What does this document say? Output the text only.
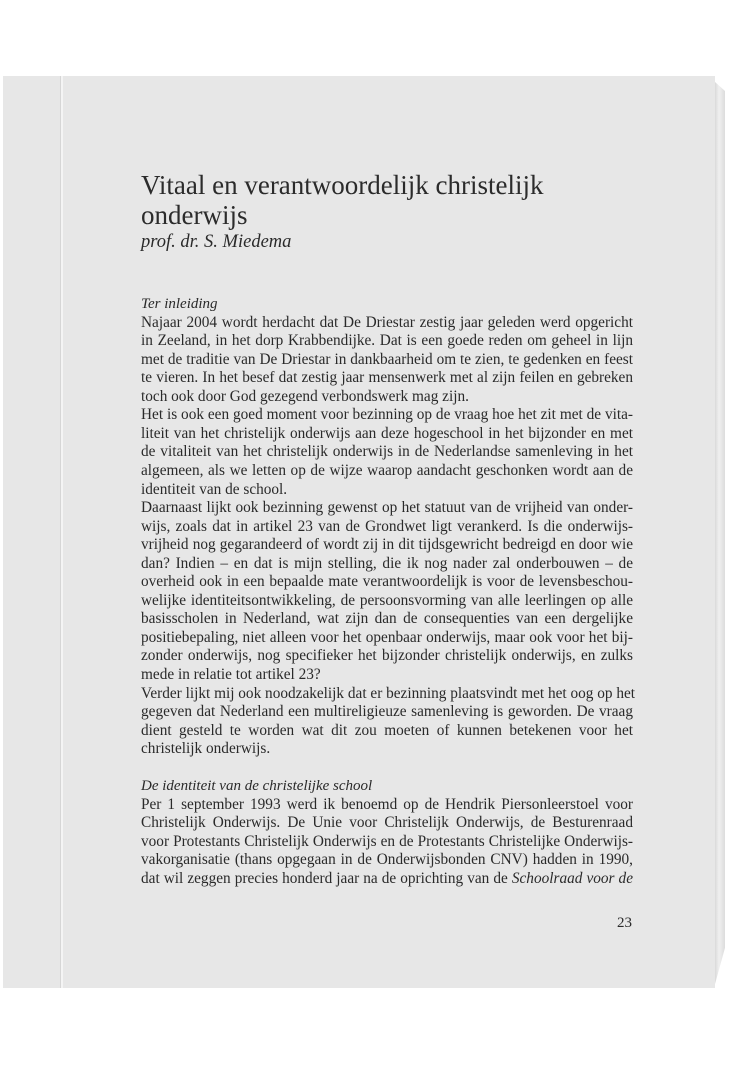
Vitaal en verantwoordelijk christelijk
onderwijs
prof. dr. S. Miedema
Ter inleiding
Najaar 2004 wordt herdacht dat De Driestar zestig jaar geleden werd opgericht
in Zeeland, in het dorp Krabbendijke. Dat is een goede reden om geheel in lijn
met de traditie van De Driestar in dankbaarheid om te zien, te gedenken en feest
te vieren. In het besef dat zestig jaar mensenwerk met al zijn feilen en gebreken
toch ook door God gezegend verbondswerk mag zijn.
Het is ook een goed moment voor bezinning op de vraag hoe het zit met de vita-
liteit van het christelijk onderwijs aan deze hogeschool in het bijzonder en met
de vitaliteit van het christelijk onderwijs in de Nederlandse samenleving in het
algemeen, als we letten op de wijze waarop aandacht geschonken wordt aan de
identiteit van de school.
Daarnaast lijkt ook bezinning gewenst op het statuut van de vrijheid van onder-
wijs, zoals dat in artikel 23 van de Grondwet ligt verankerd. Is die onderwijs-
vrijheid nog gegarandeerd of wordt zij in dit tijdsgewricht bedreigd en door wie
dan? Indien – en dat is mijn stelling, die ik nog nader zal onderbouwen – de
overheid ook in een bepaalde mate verantwoordelijk is voor de levensbeschou-
welijke identiteitsontwikkeling, de persoonsvorming van alle leerlingen op alle
basisscholen in Nederland, wat zijn dan de consequenties van een dergelijke
positiebepaling, niet alleen voor het openbaar onderwijs, maar ook voor het bij-
zonder onderwijs, nog specifieker het bijzonder christelijk onderwijs, en zulks
mede in relatie tot artikel 23?
Verder lijkt mij ook noodzakelijk dat er bezinning plaatsvindt met het oog op het
gegeven dat Nederland een multireligieuze samenleving is geworden. De vraag
dient gesteld te worden wat dit zou moeten of kunnen betekenen voor het
christelijk onderwijs.
De identiteit van de christelijke school
Per 1 september 1993 werd ik benoemd op de Hendrik Piersonleerstoel voor
Christelijk Onderwijs. De Unie voor Christelijk Onderwijs, de Besturenraad
voor Protestants Christelijk Onderwijs en de Protestants Christelijke Onderwijs-
vakorganisatie (thans opgegaan in de Onderwijsbonden CNV) hadden in 1990,
dat wil zeggen precies honderd jaar na de oprichting van de Schoolraad voor de
23
